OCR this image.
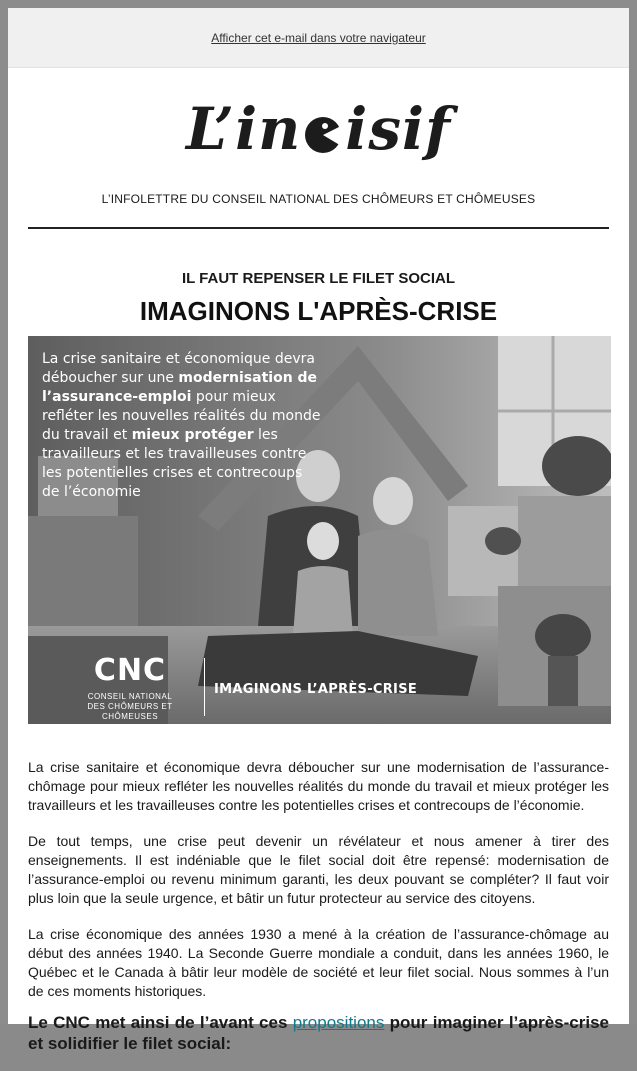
Afficher cet e-mail dans votre navigateur
L’in isif
L’INFOLETTRE DU CONSEIL NATIONAL DES CHÔMEURS ET CHÔMEUSES
IL FAUT REPENSER LE FILET SOCIAL
IMAGINONS L'APRÈS-CRISE
La crise sanitaire et économique devra déboucher sur une modernisation de l’assurance-emploi pour mieux refléter les nouvelles réalités du monde du travail et mieux protéger les travailleurs et les travailleuses contre les potentielles crises et contrecoups de l’économie
CNC
CONSEIL NATIONAL
DES CHÔMEURS ET CHÔMEUSES
IMAGINONS L’APRÈS-CRISE

La crise sanitaire et économique devra déboucher sur une modernisation de l’assurance-chômage pour mieux refléter les nouvelles réalités du monde du travail et mieux protéger les travailleurs et les travailleuses contre les potentielles crises et contrecoups de l’économie.

De tout temps, une crise peut devenir un révélateur et nous amener à tirer des enseignements. Il est indéniable que le filet social doit être repensé: modernisation de l’assurance-emploi ou revenu minimum garanti, les deux pouvant se compléter? Il faut voir plus loin que la seule urgence, et bâtir un futur protecteur au service des citoyens.

La crise économique des années 1930 a mené à la création de l’assurance-chômage au début des années 1940. La Seconde Guerre mondiale a conduit, dans les années 1960, le Québec et le Canada à bâtir leur modèle de société et leur filet social. Nous sommes à l’un de ces moments historiques.

Le CNC met ainsi de l’avant ces propositions pour imaginer l’après-crise et solidifier le filet social:
